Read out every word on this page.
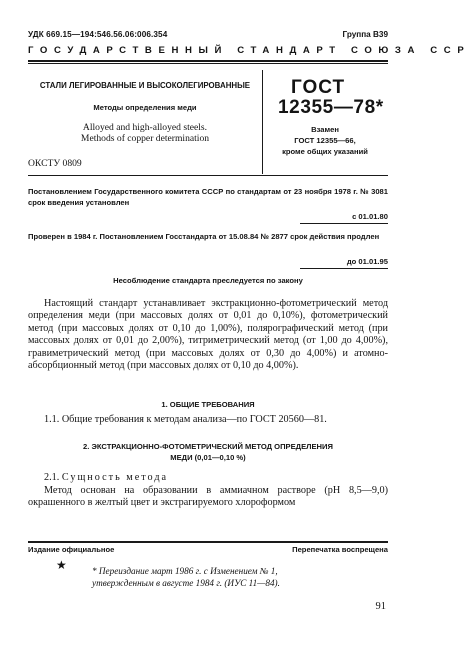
УДК 669.15—194:546.56.06:006.354	Группа В39
ГОСУДАРСТВЕННЫЙ СТАНДАРТ СОЮЗА ССР
СТАЛИ ЛЕГИРОВАННЫЕ И ВЫСОКОЛЕГИРОВАННЫЕ
Методы определения меди
Alloyed and high-alloyed steels.
Methods of copper determination
ОКСТУ 0809
ГОСТ
12355—78*
Взамен
ГОСТ 12355—66,
кроме общих указаний
Постановлением Государственного комитета СССР по стандартам от 23 ноября 1978 г. № 3081 срок введения установлен
с 01.01.80
Проверен в 1984 г. Постановлением Госстандарта от 15.08.84 № 2877 срок действия продлен
до 01.01.95
Несоблюдение стандарта преследуется по закону
Настоящий стандарт устанавливает экстракционно-фотометрический метод определения меди (при массовых долях от 0,01 до 0,10%), фотометрический метод (при массовых долях от 0,10 до 1,00%), полярографический метод (при массовых долях от 0,01 до 2,00%), титриметрический метод (от 1,00 до 4,00%), гравиметрический метод (при массовых долях от 0,30 до 4,00%) и атомно-абсорбционный метод (при массовых долях от 0,10 до 4,00%).
1. ОБЩИЕ ТРЕБОВАНИЯ
1.1. Общие требования к методам анализа—по ГОСТ 20560—81.
2. ЭКСТРАКЦИОННО-ФОТОМЕТРИЧЕСКИЙ МЕТОД ОПРЕДЕЛЕНИЯ
МЕДИ (0,01—0,10 %)
2.1. Сущность метода
Метод основан на образовании в аммиачном растворе (pH 8,5—9,0) окрашенного в желтый цвет и экстрагируемого хлороформом
Издание официальное	Перепечатка воспрещена
★	* Переиздание март 1986 г. с Изменением № 1,
утвержденным в августе 1984 г. (ИУС 11—84).
91
